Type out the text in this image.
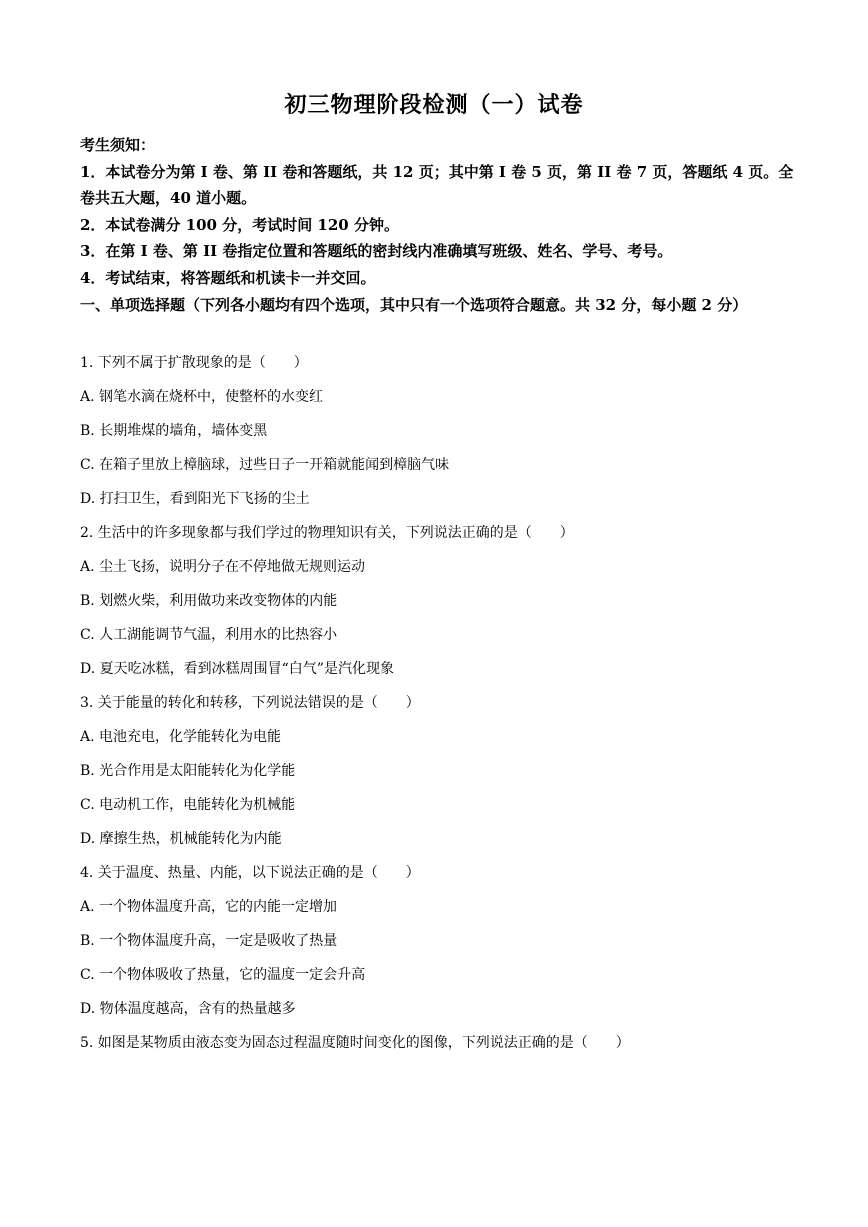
初三物理阶段检测（一）试卷

考生须知：

1．本试卷分为第 I 卷、第 II 卷和答题纸，共 12 页；其中第 I 卷 5 页，第 II 卷 7 页，答题纸 4 页。全卷共五大题，40 道小题。

2．本试卷满分 100 分，考试时间 120 分钟。

3．在第 I 卷、第 II 卷指定位置和答题纸的密封线内准确填写班级、姓名、学号、考号。

4．考试结束，将答题纸和机读卡一并交回。

一、单项选择题（下列各小题均有四个选项，其中只有一个选项符合题意。共 32 分，每小题 2 分）

1. 下列不属于扩散现象的是（　　）

A. 钢笔水滴在烧杯中，使整杯的水变红

B. 长期堆煤的墙角，墙体变黑

C. 在箱子里放上樟脑球，过些日子一开箱就能闻到樟脑气味

D. 打扫卫生，看到阳光下飞扬的尘土

2. 生活中的许多现象都与我们学过的物理知识有关，下列说法正确的是（　　）

A. 尘土飞扬，说明分子在不停地做无规则运动

B. 划燃火柴，利用做功来改变物体的内能

C. 人工湖能调节气温，利用水的比热容小

D. 夏天吃冰糕，看到冰糕周围冒“白气”是汽化现象

3. 关于能量的转化和转移，下列说法错误的是（　　）

A. 电池充电，化学能转化为电能

B. 光合作用是太阳能转化为化学能

C. 电动机工作，电能转化为机械能

D. 摩擦生热，机械能转化为内能

4. 关于温度、热量、内能，以下说法正确的是（　　）

A. 一个物体温度升高，它的内能一定增加

B. 一个物体温度升高，一定是吸收了热量

C. 一个物体吸收了热量，它的温度一定会升高

D. 物体温度越高，含有的热量越多

5. 如图是某物质由液态变为固态过程温度随时间变化的图像，下列说法正确的是（　　）
